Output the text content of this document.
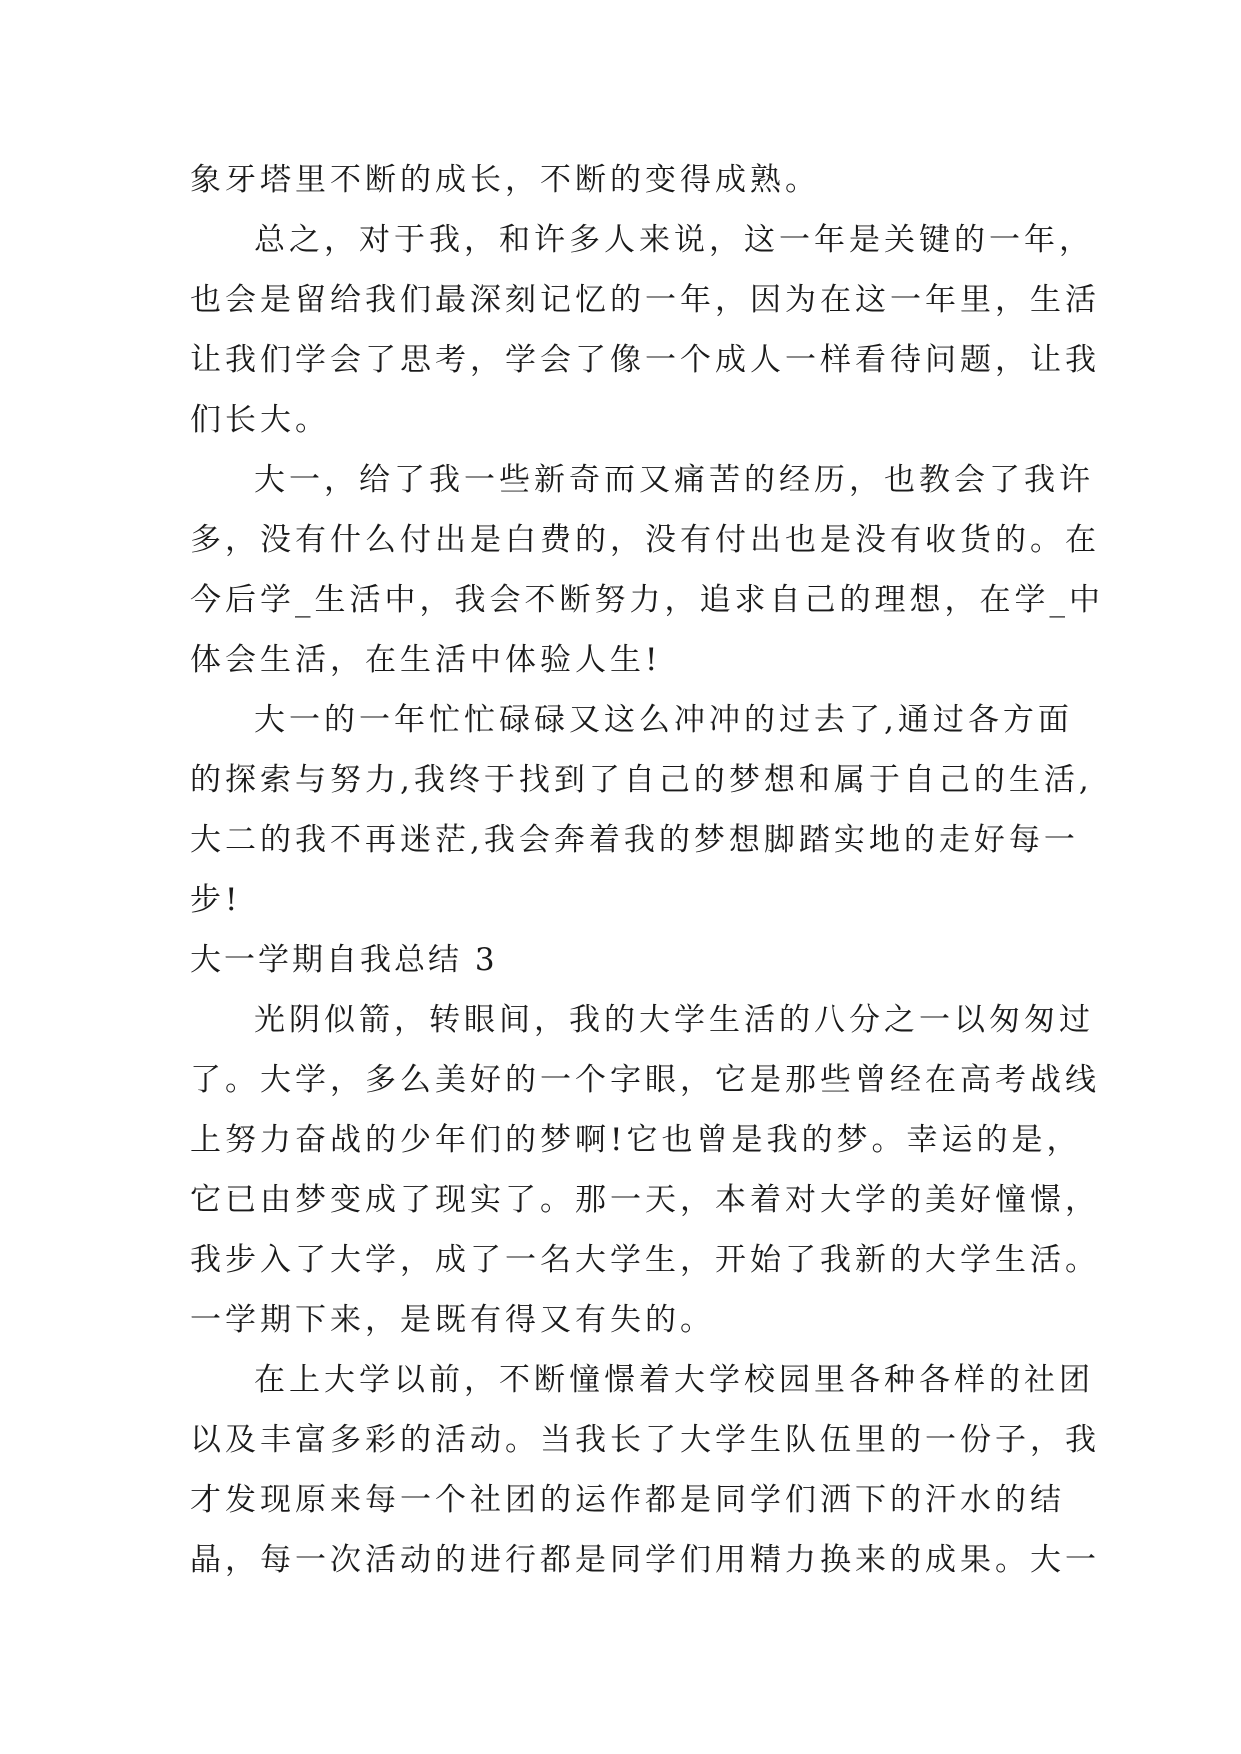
象牙塔里不断的成长，不断的变得成熟。
总之，对于我，和许多人来说，这一年是关键的一年，
也会是留给我们最深刻记忆的一年，因为在这一年里，生活
让我们学会了思考，学会了像一个成人一样看待问题，让我
们长大。
大一，给了我一些新奇而又痛苦的经历，也教会了我许
多，没有什么付出是白费的，没有付出也是没有收货的。在
今后学_生活中，我会不断努力，追求自己的理想，在学_中
体会生活，在生活中体验人生!
大一的一年忙忙碌碌又这么冲冲的过去了,通过各方面
的探索与努力,我终于找到了自己的梦想和属于自己的生活,
大二的我不再迷茫,我会奔着我的梦想脚踏实地的走好每一
步!
大一学期自我总结 3
光阴似箭，转眼间，我的大学生活的八分之一以匆匆过
了。大学，多么美好的一个字眼，它是那些曾经在高考战线
上努力奋战的少年们的梦啊!它也曾是我的梦。幸运的是，
它已由梦变成了现实了。那一天，本着对大学的美好憧憬，
我步入了大学，成了一名大学生，开始了我新的大学生活。
一学期下来，是既有得又有失的。
在上大学以前，不断憧憬着大学校园里各种各样的社团
以及丰富多彩的活动。当我长了大学生队伍里的一份子，我
才发现原来每一个社团的运作都是同学们洒下的汗水的结
晶，每一次活动的进行都是同学们用精力换来的成果。大一
